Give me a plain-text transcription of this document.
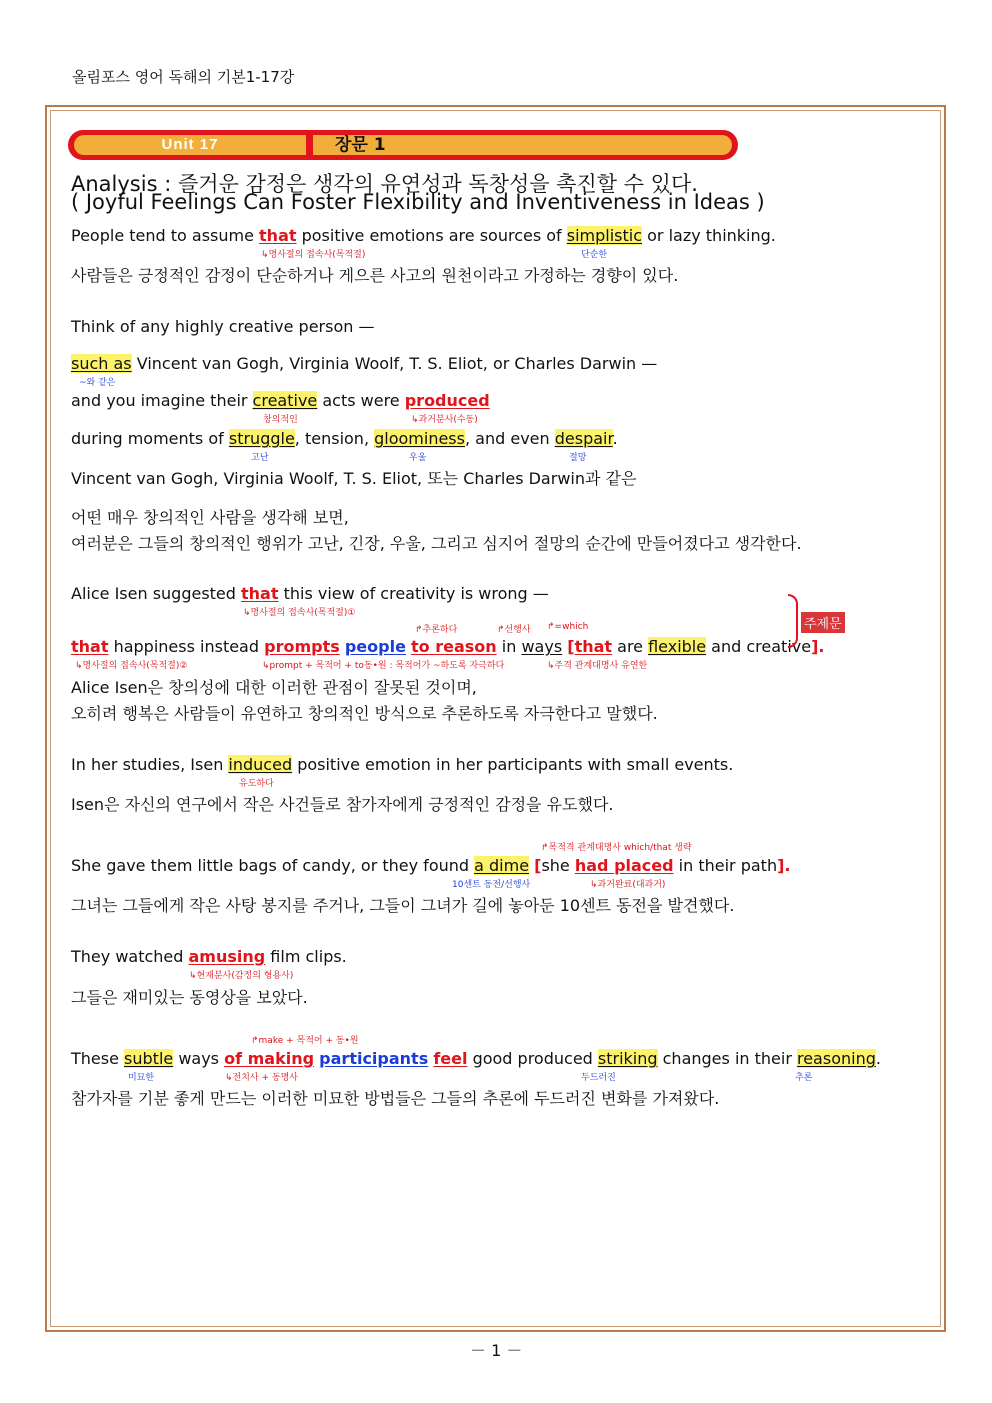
올림포스 영어 독해의 기본1-17강
Unit 17	장문 1
Analysis : 즐거운 감정은 생각의 유연성과 독창성을 촉진할 수 있다.
( Joyful Feelings Can Foster Flexibility and Inventiveness in Ideas )
People tend to assume that positive emotions are sources of simplistic or lazy thinking.
↳명사절의 접속사(목적절)	단순한
사람들은 긍정적인 감정이 단순하거나 게으른 사고의 원천이라고 가정하는 경향이 있다.
Think of any highly creative person —
such as Vincent van Gogh, Virginia Woolf, T. S. Eliot, or Charles Darwin —
~와 같은
and you imagine their creative acts were produced
창의적인	↳과거분사(수동)
during moments of struggle, tension, gloominess, and even despair.
고난	우울	절망
Vincent van Gogh, Virginia Woolf, T. S. Eliot, 또는 Charles Darwin과 같은
어떤 매우 창의적인 사람을 생각해 보면,
여러분은 그들의 창의적인 행위가 고난, 긴장, 우울, 그리고 심지어 절망의 순간에 만들어졌다고 생각한다.
Alice Isen suggested that this view of creativity is wrong —
↳명사절의 접속사(목적절)①
↱추론하다	↱선행사 ↱=which
that happiness instead prompts people to reason in ways [that are flexible and creative].
↳명사절의 접속사(목적절)②	↳prompt + 목적어 + to동•원 : 목적어가 ~하도록 자극하다	↳주격 관계대명사 유연한
주제문
Alice Isen은 창의성에 대한 이러한 관점이 잘못된 것이며,
오히려 행복은 사람들이 유연하고 창의적인 방식으로 추론하도록 자극한다고 말했다.
In her studies, Isen induced positive emotion in her participants with small events.
유도하다
Isen은 자신의 연구에서 작은 사건들로 참가자에게 긍정적인 감정을 유도했다.
↱목적격 관계대명사 which/that 생략
She gave them little bags of candy, or they found a dime [she had placed in their path].
10센트 동전/선행사	↳과거완료(대과거)
그녀는 그들에게 작은 사탕 봉지를 주거나, 그들이 그녀가 길에 놓아둔 10센트 동전을 발견했다.
They watched amusing film clips.
↳현재분사(감정의 형용사)
그들은 재미있는 동영상을 보았다.
↱make + 목적어 + 동•원
These subtle ways of making participants feel good produced striking changes in their reasoning.
미묘한	↳전치사 + 동명사	두드러진	추론
참가자를 기분 좋게 만드는 이러한 미묘한 방법들은 그들의 추론에 두드러진 변화를 가져왔다.
－ 1 －
